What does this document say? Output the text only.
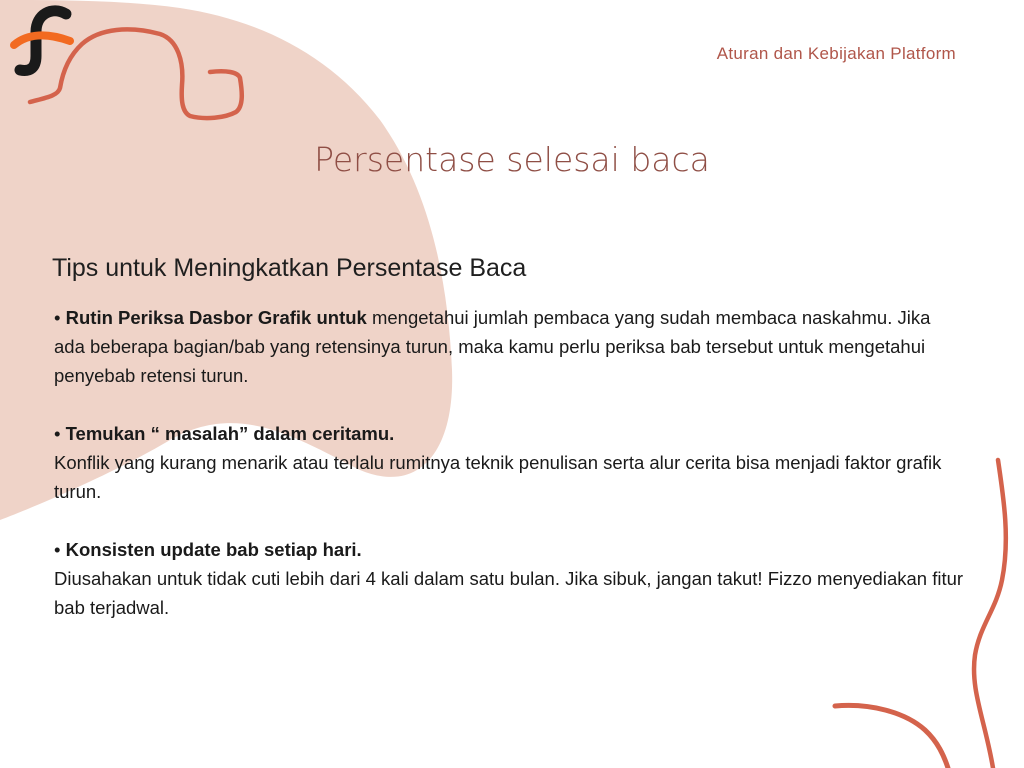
Aturan dan Kebijakan Platform
Persentase selesai baca
Tips untuk Meningkatkan Persentase Baca

• Rutin Periksa Dasbor Grafik untuk mengetahui jumlah pembaca yang sudah membaca naskahmu. Jika ada beberapa bagian/bab yang retensinya turun, maka kamu perlu periksa bab tersebut untuk mengetahui penyebab retensi turun.

• Temukan “ masalah” dalam ceritamu.
Konflik yang kurang menarik atau terlalu rumitnya teknik penulisan serta alur cerita bisa menjadi faktor grafik turun.

• Konsisten update bab setiap hari.
Diusahakan untuk tidak cuti lebih dari 4 kali dalam satu bulan. Jika sibuk, jangan takut! Fizzo menyediakan fitur bab terjadwal.
